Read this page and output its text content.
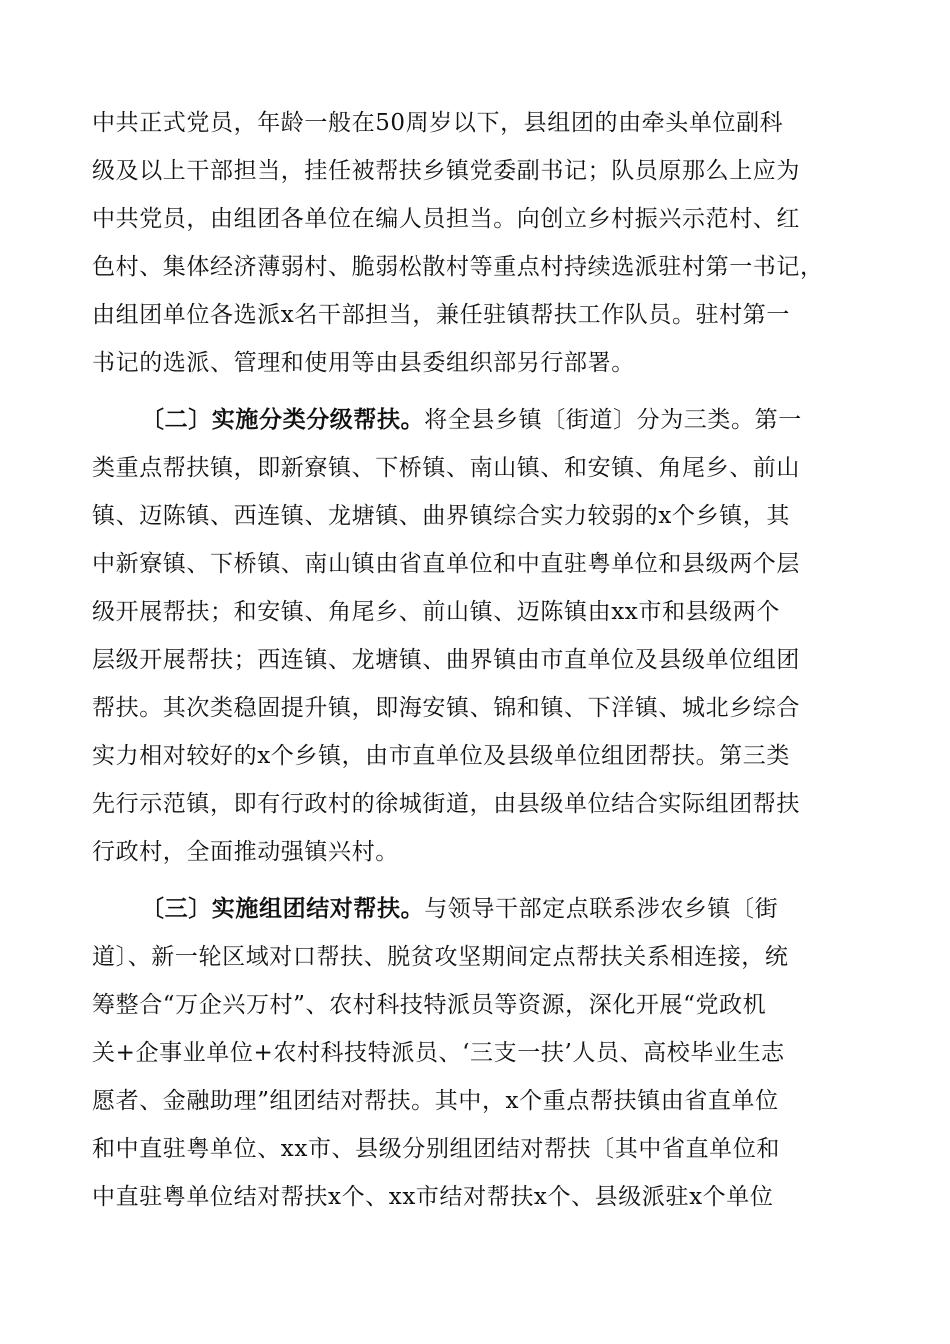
中共正式党员，年龄一般在50周岁以下，县组团的由牵头单位副科
级及以上干部担当，挂任被帮扶乡镇党委副书记；队员原那么上应为
中共党员，由组团各单位在编人员担当。向创立乡村振兴示范村、红
色村、集体经济薄弱村、脆弱松散村等重点村持续选派驻村第一书记，
由组团单位各选派x名干部担当，兼任驻镇帮扶工作队员。驻村第一
书记的选派、管理和使用等由县委组织部另行部署。
〔二〕实施分类分级帮扶。将全县乡镇〔街道〕分为三类。第一
类重点帮扶镇，即新寮镇、下桥镇、南山镇、和安镇、角尾乡、前山
镇、迈陈镇、西连镇、龙塘镇、曲界镇综合实力较弱的x个乡镇，其
中新寮镇、下桥镇、南山镇由省直单位和中直驻粤单位和县级两个层
级开展帮扶；和安镇、角尾乡、前山镇、迈陈镇由xx市和县级两个
层级开展帮扶；西连镇、龙塘镇、曲界镇由市直单位及县级单位组团
帮扶。其次类稳固提升镇，即海安镇、锦和镇、下洋镇、城北乡综合
实力相对较好的x个乡镇，由市直单位及县级单位组团帮扶。第三类
先行示范镇，即有行政村的徐城街道，由县级单位结合实际组团帮扶
行政村，全面推动强镇兴村。
〔三〕实施组团结对帮扶。与领导干部定点联系涉农乡镇〔街
道〕、新一轮区域对口帮扶、脱贫攻坚期间定点帮扶关系相连接，统
筹整合“万企兴万村”、农村科技特派员等资源，深化开展“党政机
关+企事业单位+农村科技特派员、‘三支一扶’人员、高校毕业生志
愿者、金融助理”组团结对帮扶。其中，x个重点帮扶镇由省直单位
和中直驻粤单位、xx市、县级分别组团结对帮扶〔其中省直单位和
中直驻粤单位结对帮扶x个、xx市结对帮扶x个、县级派驻x个单位
